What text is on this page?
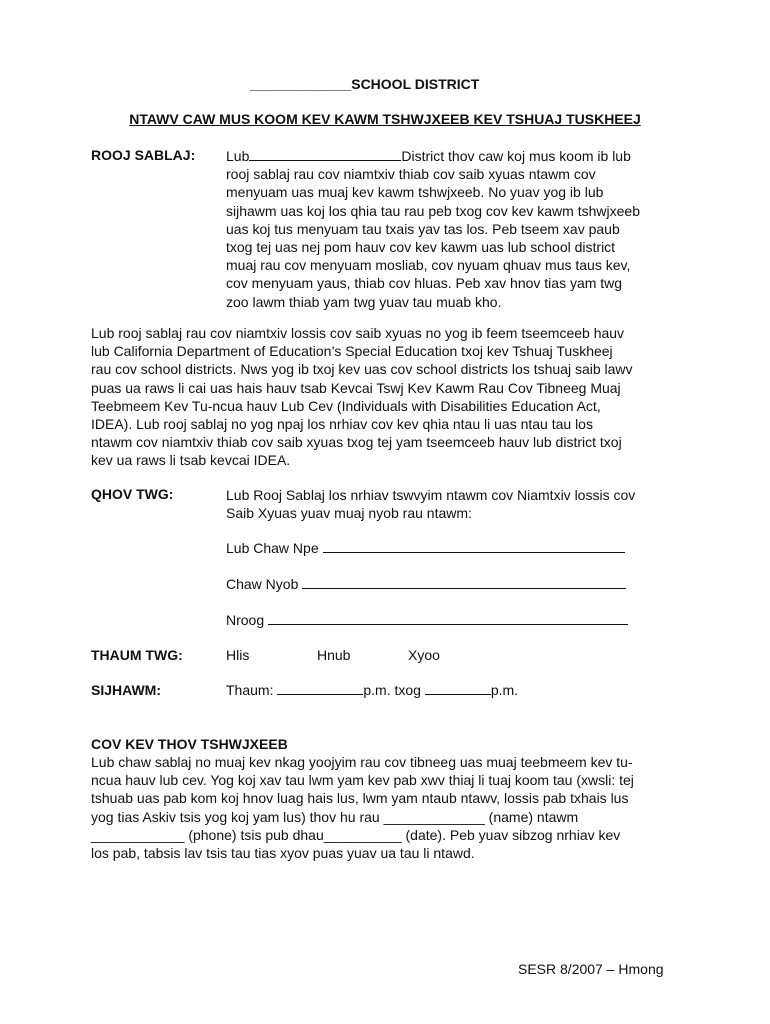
_____________SCHOOL DISTRICT
NTAWV CAW MUS KOOM KEV KAWM TSHWJXEEB KEV TSHUAJ TUSKHEEJ
ROOJ SABLAJ: Lub	District thov caw koj mus koom ib lub
rooj sablaj rau cov niamtxiv thiab cov saib xyuas ntawm cov
menyuam uas muaj kev kawm tshwjxeeb. No yuav yog ib lub
sijhawm uas koj los qhia tau rau peb txog cov kev kawm tshwjxeeb
uas koj tus menyuam tau txais yav tas los. Peb tseem xav paub
txog tej uas nej pom hauv cov kev kawm uas lub school district
muaj rau cov menyuam mosliab, cov nyuam qhuav mus taus kev,
cov menyuam yaus, thiab cov hluas. Peb xav hnov tias yam twg
zoo lawm thiab yam twg yuav tau muab kho.
Lub rooj sablaj rau cov niamtxiv lossis cov saib xyuas no yog ib feem tseemceeb hauv
lub California Department of Education’s Special Education txoj kev Tshuaj Tuskheej
rau cov school districts. Nws yog ib txoj kev uas cov school districts los tshuaj saib lawv
puas ua raws li cai uas hais hauv tsab Kevcai Tswj Kev Kawm Rau Cov Tibneeg Muaj
Teebmeem Kev Tu-ncua hauv Lub Cev (Individuals with Disabilities Education Act,
IDEA). Lub rooj sablaj no yog npaj los nrhiav cov kev qhia ntau li uas ntau tau los
ntawm cov niamtxiv thiab cov saib xyuas txog tej yam tseemceeb hauv lub district txoj
kev ua raws li tsab kevcai IDEA.
QHOV TWG:	Lub Rooj Sablaj los nrhiav tswvyim ntawm cov Niamtxiv lossis cov
Saib Xyuas yuav muaj nyob rau ntawm:
Lub Chaw Npe
Chaw Nyob
Nroog
THAUM TWG:	Hlis	Hnub	Xyoo
SIJHAWM:	Thaum:	p.m. txog	p.m.
COV KEV THOV TSHWJXEEB
Lub chaw sablaj no muaj kev nkag yoojyim rau cov tibneeg uas muaj teebmeem kev tu-
ncua hauv lub cev. Yog koj xav tau lwm yam kev pab xwv thiaj li tuaj koom tau (xwsli: tej
tshuab uas pab kom koj hnov luag hais lus, lwm yam ntaub ntawv, lossis pab txhais lus
yog tias Askiv tsis yog koj yam lus) thov hu rau _____________ (name) ntawm
____________ (phone) tsis pub dhau__________ (date). Peb yuav sibzog nrhiav kev
los pab, tabsis lav tsis tau tias xyov puas yuav ua tau li ntawd.
SESR 8/2007 – Hmong
